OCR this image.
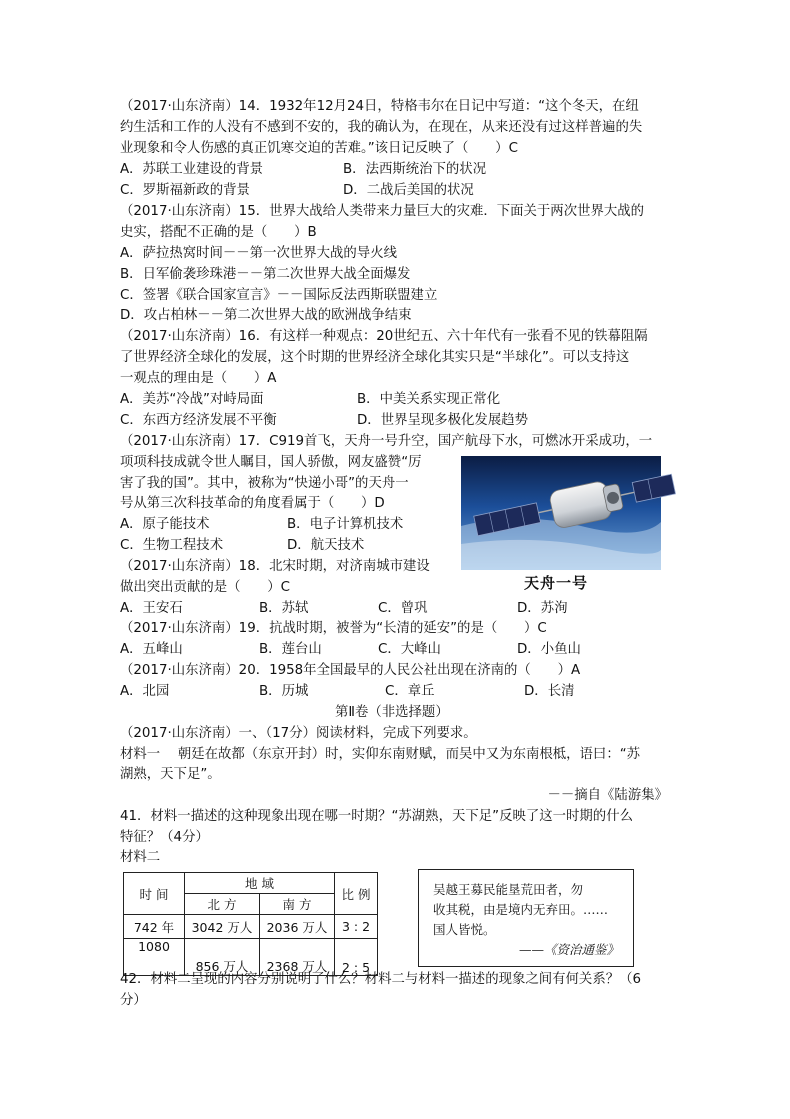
（2017·山东济南）14．1932年12月24日，特格韦尔在日记中写道：“这个冬天，在纽
约生活和工作的人没有不感到不安的，我的确认为，在现在，从来还没有过这样普遍的失
业现象和令人伤感的真正饥寒交迫的苦难。”该日记反映了（　　）C
A．苏联工业建设的背景	B．法西斯统治下的状况
C．罗斯福新政的背景	D．二战后美国的状况
（2017·山东济南）15．世界大战给人类带来力量巨大的灾难．下面关于两次世界大战的
史实，搭配不正确的是（　　）B
A．萨拉热窝时间－－第一次世界大战的导火线
B．日军偷袭珍珠港－－第二次世界大战全面爆发
C．签署《联合国家宣言》－－国际反法西斯联盟建立
D．攻占柏林－－第二次世界大战的欧洲战争结束
（2017·山东济南）16．有这样一种观点：20世纪五、六十年代有一张看不见的铁幕阻隔
了世界经济全球化的发展，这个时期的世界经济全球化其实只是“半球化”。可以支持这
一观点的理由是（　　）A
A．美苏“冷战”对峙局面	B．中美关系实现正常化
C．东西方经济发展不平衡	D．世界呈现多极化发展趋势
（2017·山东济南）17．C919首飞，天舟一号升空，国产航母下水，可燃冰开采成功，一
项项科技成就令世人瞩目，国人骄傲，网友盛赞“厉
害了我的国”。其中，被称为“快递小哥”的天舟一
号从第三次科技革命的角度看属于（　　）D
A．原子能技术	B．电子计算机技术
C．生物工程技术	D．航天技术
天舟一号
（2017·山东济南）18．北宋时期，对济南城市建设
做出突出贡献的是（　　）C
A．王安石	B．苏轼	C．曾巩	D．苏洵
（2017·山东济南）19．抗战时期，被誉为“长清的延安”的是（　　）C
A．五峰山	B．莲台山	C．大峰山	D．小鱼山
（2017·山东济南）20．1958年全国最早的人民公社出现在济南的（　　）A
A．北园	B．历城	C．章丘	D．长清
第Ⅱ卷（非选择题）
（2017·山东济南）一、（17分）阅读材料，完成下列要求。
材料一　 朝廷在故都（东京开封）时，实仰东南财赋，而吴中又为东南根柢，语曰：“苏
湖熟，天下足”。
－－摘自《陆游集》
41．材料一描述的这种现象出现在哪一时期？“苏湖熟，天下足”反映了这一时期的什么
特征？（4分）
材料二
时 间	地 域		比 例
	北 方	南 方	
742 年	3042 万人	2036 万人	3 : 2
1080	856 万人	2368 万人	2 : 5
吴越王募民能垦荒田者，勿
收其税，由是境内无弃田。……
国人皆悦。
——《资治通鉴》
42．材料二呈现的内容分别说明了什么？材料二与材料一描述的现象之间有何关系？（6
分）
